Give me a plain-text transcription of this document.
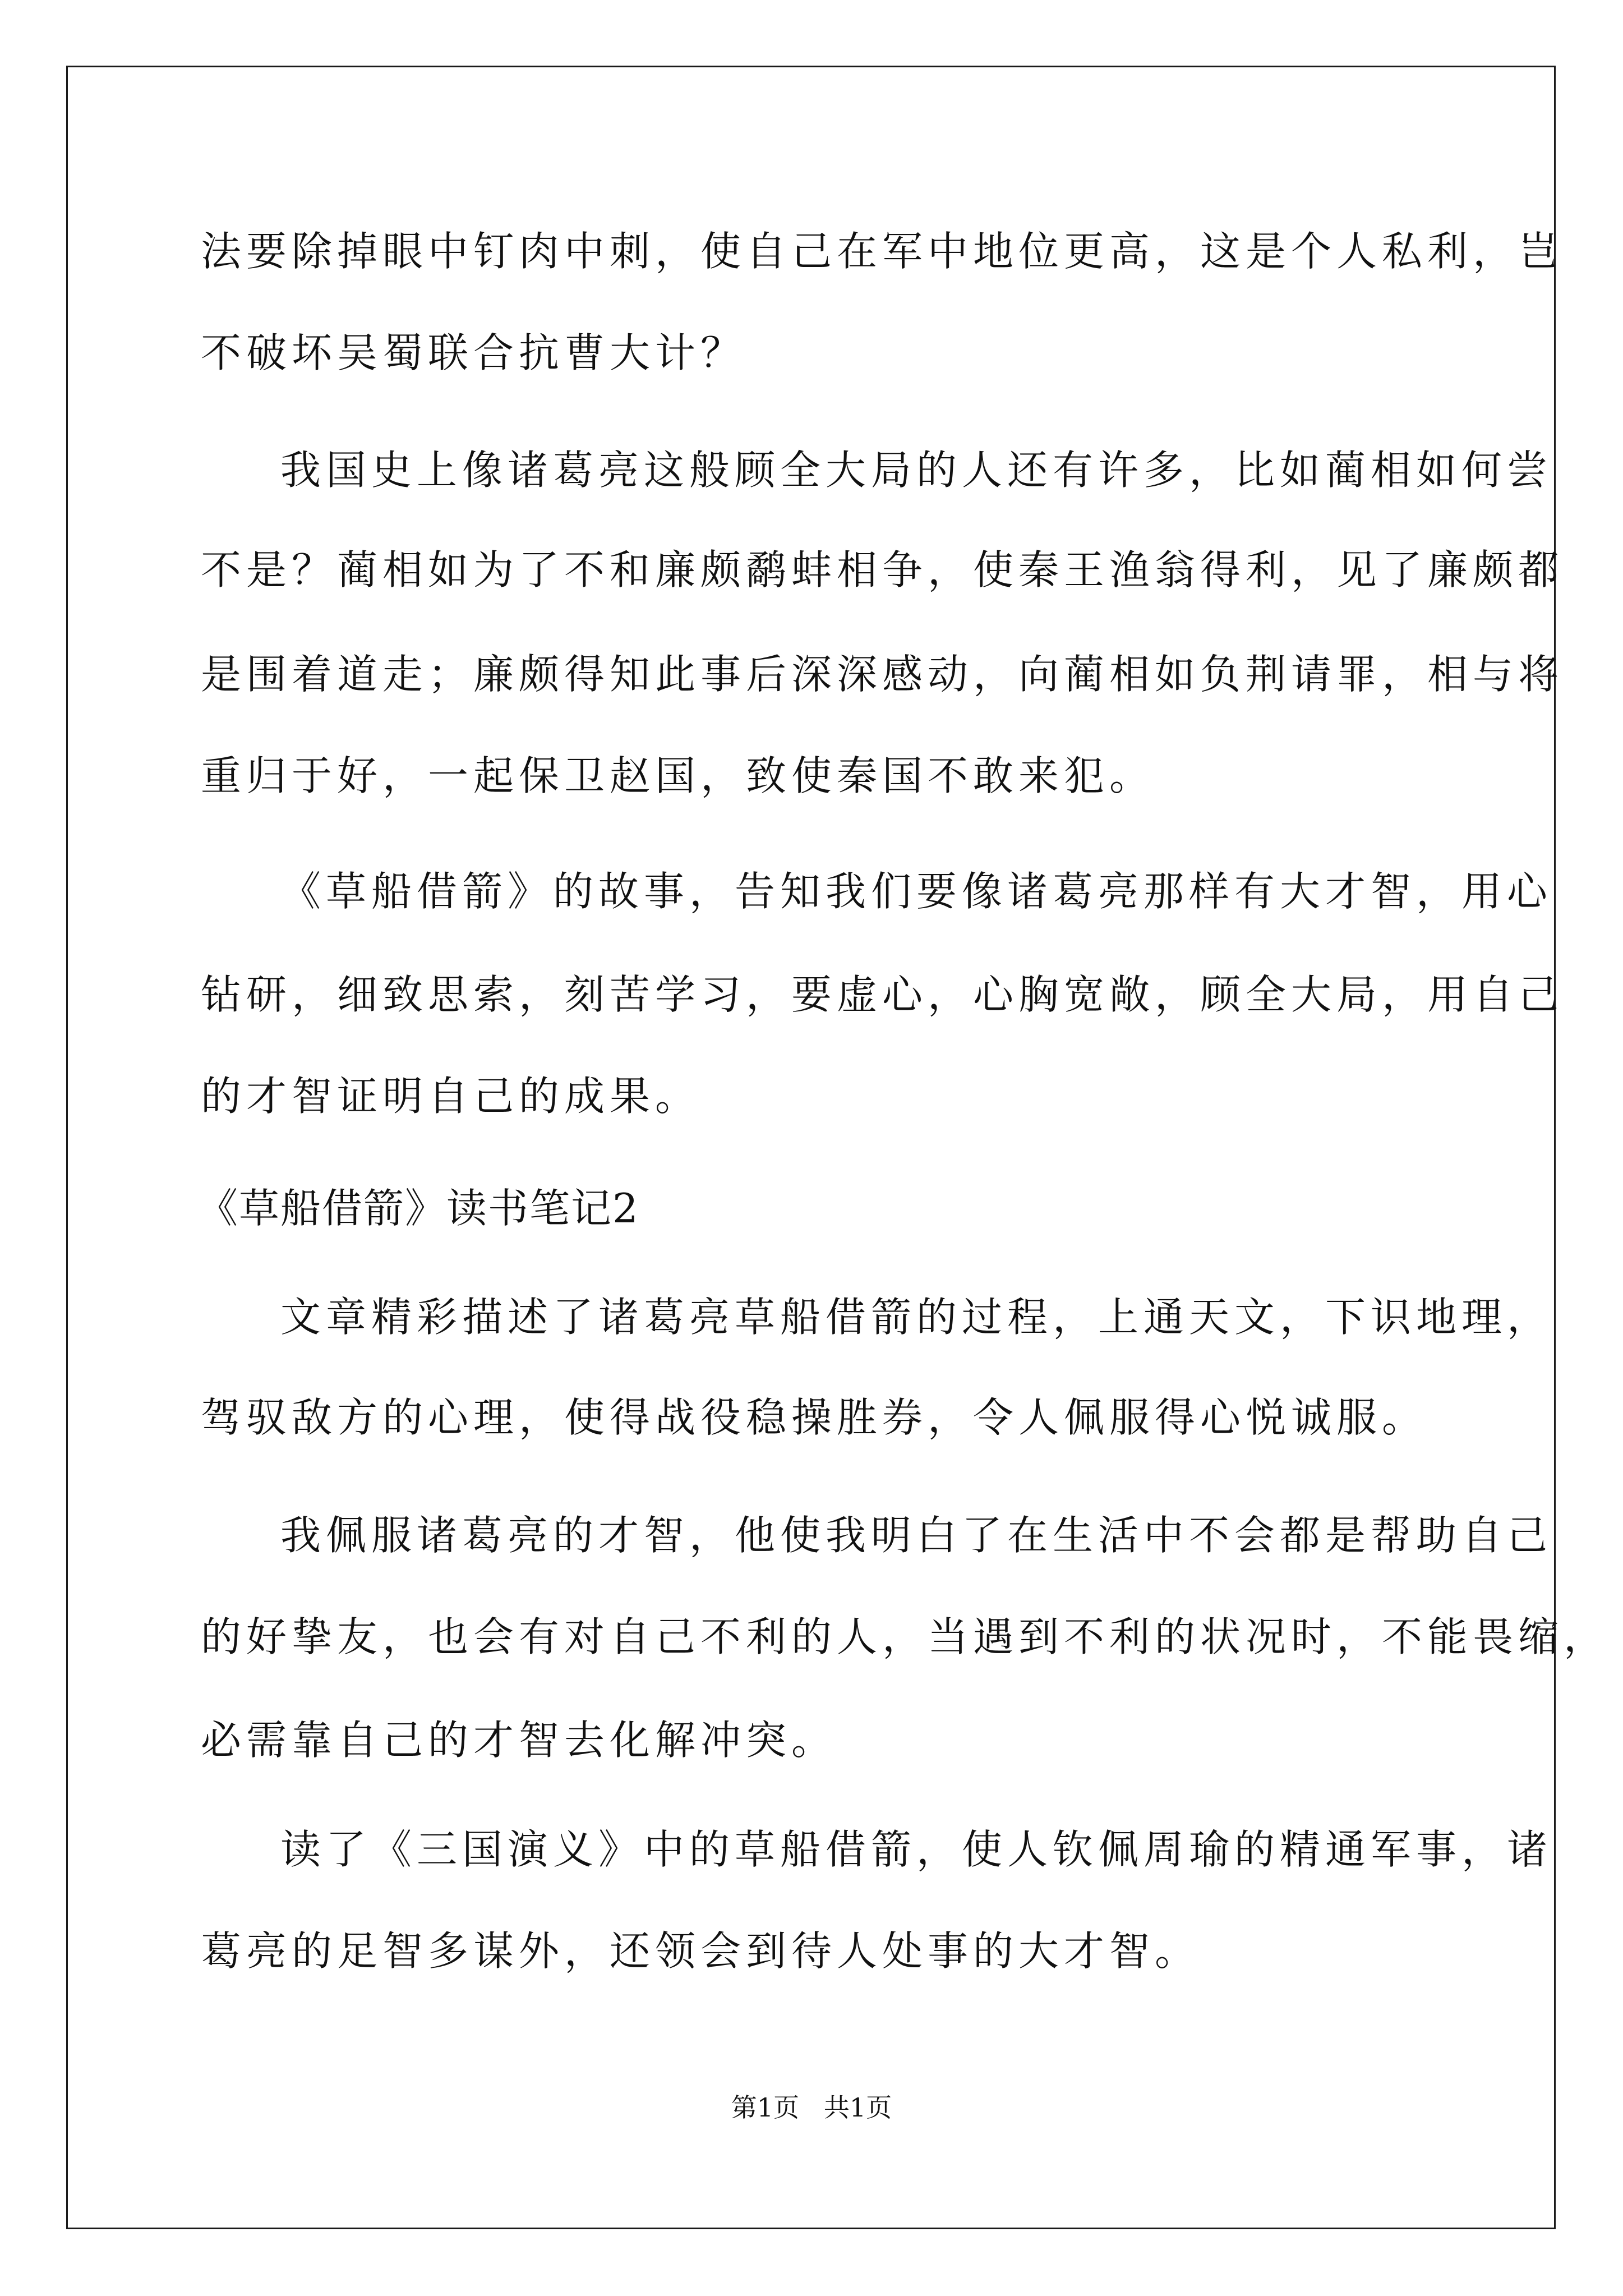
法要除掉眼中钉肉中刺，使自己在军中地位更高，这是个人私利，岂
不破坏吴蜀联合抗曹大计？
我国史上像诸葛亮这般顾全大局的人还有许多，比如蔺相如何尝
不是？蔺相如为了不和廉颇鹬蚌相争，使秦王渔翁得利，见了廉颇都
是围着道走；廉颇得知此事后深深感动，向蔺相如负荆请罪，相与将
重归于好，一起保卫赵国，致使秦国不敢来犯。
《草船借箭》的故事，告知我们要像诸葛亮那样有大才智，用心
钻研，细致思索，刻苦学习，要虚心，心胸宽敞，顾全大局，用自己
的才智证明自己的成果。
《草船借箭》读书笔记2
文章精彩描述了诸葛亮草船借箭的过程，上通天文，下识地理，
驾驭敌方的心理，使得战役稳操胜券，令人佩服得心悦诚服。
我佩服诸葛亮的才智，他使我明白了在生活中不会都是帮助自己
的好挚友，也会有对自己不利的人，当遇到不利的状况时，不能畏缩，
必需靠自己的才智去化解冲突。
读了《三国演义》中的草船借箭，使人钦佩周瑜的精通军事，诸
葛亮的足智多谋外，还领会到待人处事的大才智。
第1页   共1页
